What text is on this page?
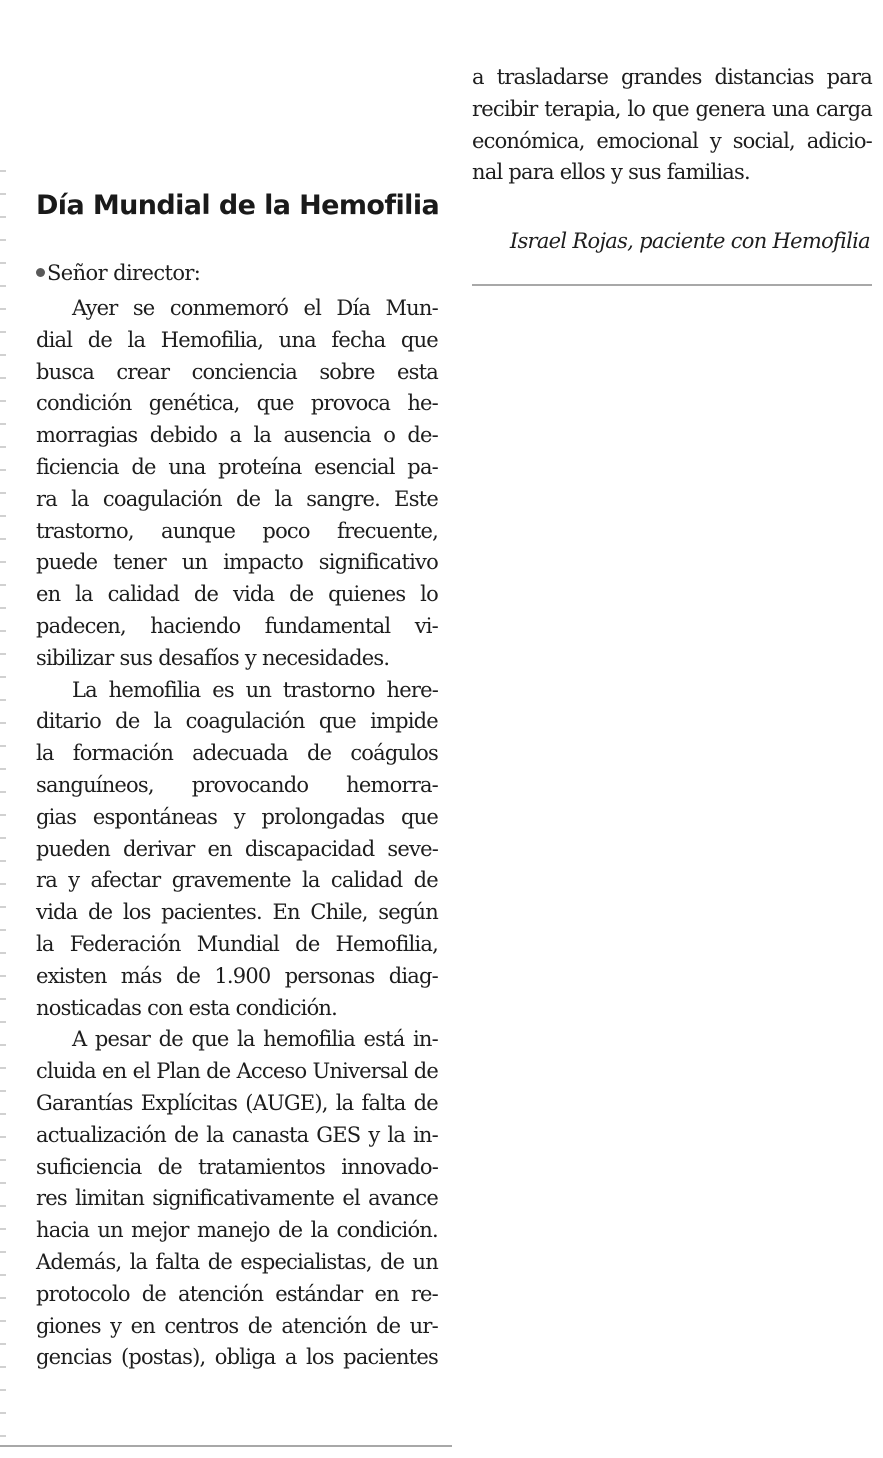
Día Mundial de la Hemofilia
Señor director:
Ayer se conmemoró el Día Mun-
dial de la Hemofilia, una fecha que
busca crear conciencia sobre esta
condición genética, que provoca he-
morragias debido a la ausencia o de-
ficiencia de una proteína esencial pa-
ra la coagulación de la sangre. Este
trastorno, aunque poco frecuente,
puede tener un impacto significativo
en la calidad de vida de quienes lo
padecen, haciendo fundamental vi-
sibilizar sus desafíos y necesidades.
La hemofilia es un trastorno here-
ditario de la coagulación que impide
la formación adecuada de coágulos
sanguíneos, provocando hemorra-
gias espontáneas y prolongadas que
pueden derivar en discapacidad seve-
ra y afectar gravemente la calidad de
vida de los pacientes. En Chile, según
la Federación Mundial de Hemofilia,
existen más de 1.900 personas diag-
nosticadas con esta condición.
A pesar de que la hemofilia está in-
cluida en el Plan de Acceso Universal de
Garantías Explícitas (AUGE), la falta de
actualización de la canasta GES y la in-
suficiencia de tratamientos innovado-
res limitan significativamente el avance
hacia un mejor manejo de la condición.
Además, la falta de especialistas, de un
protocolo de atención estándar en re-
giones y en centros de atención de ur-
gencias (postas), obliga a los pacientes
a trasladarse grandes distancias para
recibir terapia, lo que genera una carga
económica, emocional y social, adicio-
nal para ellos y sus familias.
Israel Rojas, paciente con Hemofilia
